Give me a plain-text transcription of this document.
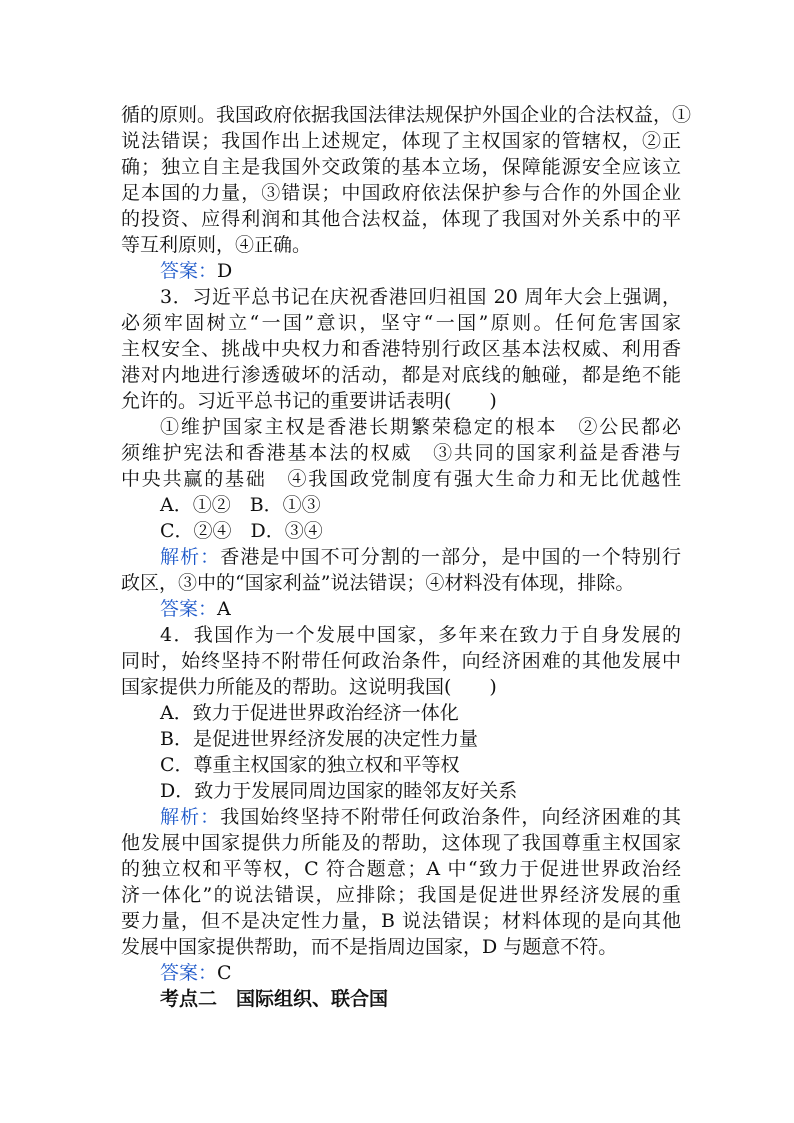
循的原则。我国政府依据我国法律法规保护外国企业的合法权益，①
说法错误；我国作出上述规定，体现了主权国家的管辖权，②正
确；独立自主是我国外交政策的基本立场，保障能源安全应该立
足本国的力量，③错误；中国政府依法保护参与合作的外国企业
的投资、应得利润和其他合法权益，体现了我国对外关系中的平
等互利原则，④正确。
答案：D
3．习近平总书记在庆祝香港回归祖国 20 周年大会上强调，
必须牢固树立“一国”意识，坚守“一国”原则。任何危害国家
主权安全、挑战中央权力和香港特别行政区基本法权威、利用香
港对内地进行渗透破坏的活动，都是对底线的触碰，都是绝不能
允许的。习近平总书记的重要讲话表明(　　)
①维护国家主权是香港长期繁荣稳定的根本　②公民都必
须维护宪法和香港基本法的权威　③共同的国家利益是香港与
中央共赢的基础　④我国政党制度有强大生命力和无比优越性
A．①②　B．①③
C．②④　D．③④
解析：香港是中国不可分割的一部分，是中国的一个特别行
政区，③中的“国家利益”说法错误；④材料没有体现，排除。
答案：A
4．我国作为一个发展中国家，多年来在致力于自身发展的
同时，始终坚持不附带任何政治条件，向经济困难的其他发展中
国家提供力所能及的帮助。这说明我国(　　)
A．致力于促进世界政治经济一体化
B．是促进世界经济发展的决定性力量
C．尊重主权国家的独立权和平等权
D．致力于发展同周边国家的睦邻友好关系
解析：我国始终坚持不附带任何政治条件，向经济困难的其
他发展中国家提供力所能及的帮助，这体现了我国尊重主权国家
的独立权和平等权，C 符合题意；A 中“致力于促进世界政治经
济一体化”的说法错误，应排除；我国是促进世界经济发展的重
要力量，但不是决定性力量，B 说法错误；材料体现的是向其他
发展中国家提供帮助，而不是指周边国家，D 与题意不符。
答案：C
考点二　国际组织、联合国
